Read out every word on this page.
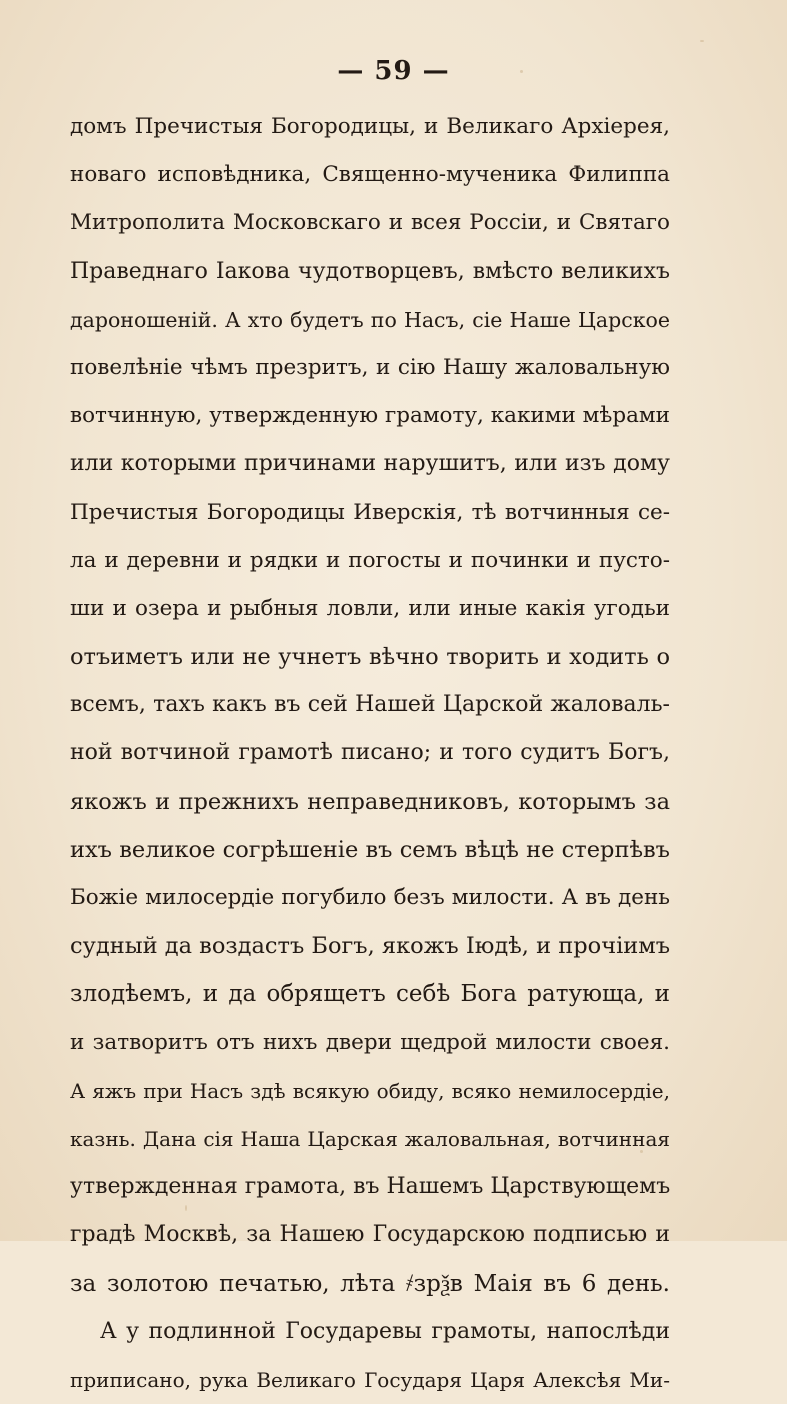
— 59 —
домъ Пречистыя Богородицы, и Великаго Архіерея,
новаго исповѣдника, Священно-мученика Филиппа
Митрополита Московскаго и всея Россіи, и Святаго
Праведнаго Іакова чудотворцевъ, вмѣсто великихъ
дароношеній. А хто будетъ по Насъ, сіе Наше Царское
повелѣніе чѣмъ презритъ, и сію Нашу жаловальную
вотчинную, утвержденную грамоту, какими мѣрами
или которыми причинами нарушитъ, или изъ дому
Пречистыя Богородицы Иверскія, тѣ вотчинныя се-
ла и деревни и рядки и погосты и починки и пусто-
ши и озера и рыбныя ловли, или иные какія угодьи
отъиметъ или не учнетъ вѣчно творить и ходить о
всемъ, тахъ какъ въ сей Нашей Царской жаловаль-
ной вотчиной грамотѣ писано; и того судитъ Богъ,
якожъ и прежнихъ неправедниковъ, которымъ за
ихъ великое согрѣшеніе въ семъ вѣцѣ не стерпѣвъ
Божіе милосердіе погубило безъ милости. А въ день
судный да воздастъ Богъ, якожъ Іюдѣ, и прочіимъ
злодѣемъ, и да обрящетъ себѣ Бога ратующа, и
и затворитъ отъ нихъ двери щедрой милости своея.
А яжъ при Насъ здѣ всякую обиду, всяко немилосердіе,
казнь. Дана сія Наша Царская жаловальная, вотчинная
утвержденная грамота, въ Нашемъ Царствующемъ
градѣ Москвѣ, за Нашею Государскою подписью и
за золотою печатью, лѣта ҂зрѯв Маія въ 6 день.
А у подлинной Государевы грамоты, напослѣди
приписано, рука Великаго Государя Царя Алексѣя Ми-
